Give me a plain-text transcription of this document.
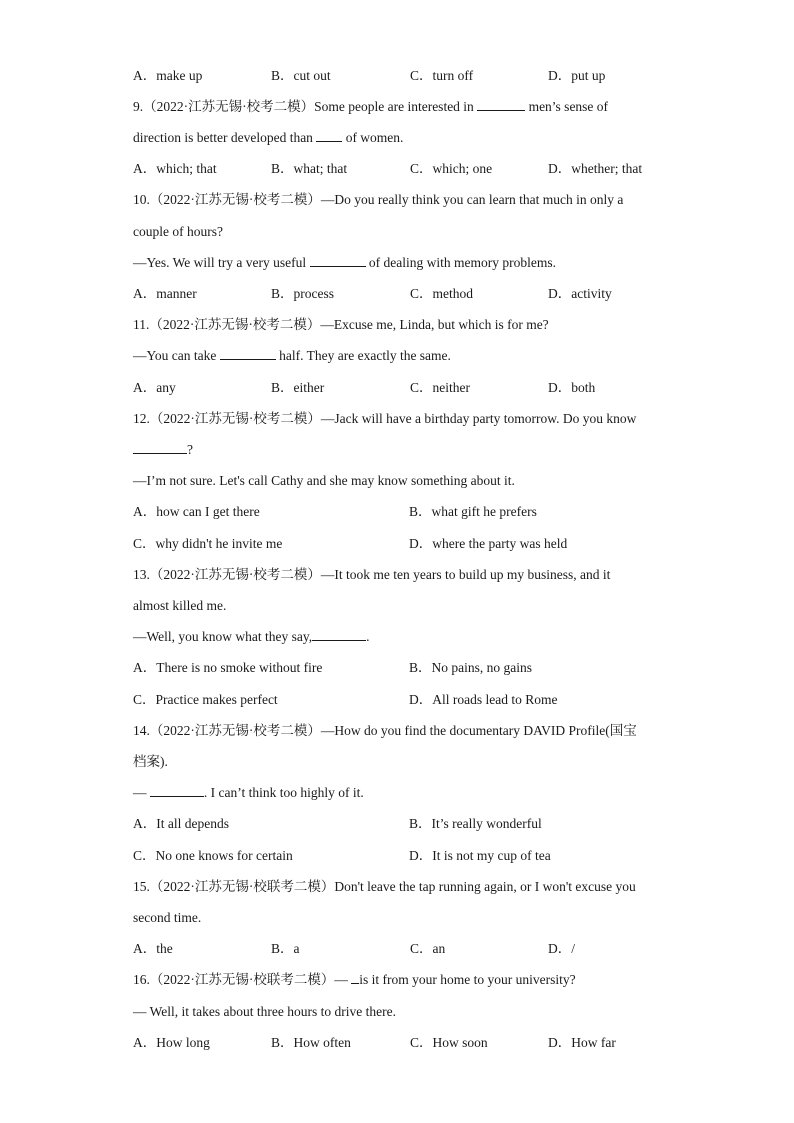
A．make up	B．cut out	C．turn off	D．put up
9.（2022·江苏无锡·校考二模）Some people are interested in	men’s sense of
direction is better developed than  of women.
A．which; that	B．what; that	C．which; one	D．whether; that
10.（2022·江苏无锡·校考二模）—Do you really think you can learn that much in only a
couple of hours?
—Yes. We will try a very useful	of dealing with memory problems.
A．manner	B．process	C．method	D．activity
11.（2022·江苏无锡·校考二模）—Excuse me, Linda, but which is for me?
—You can take	half. They are exactly the same.
A．any	B．either	C．neither	D．both
12.（2022·江苏无锡·校考二模）—Jack will have a birthday party tomorrow. Do you know
?
—I’m not sure. Let's call Cathy and she may know something about it.
A．how can I get there	B．what gift he prefers
C．why didn't he invite me	D．where the party was held
13.（2022·江苏无锡·校考二模）—It took me ten years to build up my business, and it
almost killed me.
—Well, you know what they say,	.
A．There is no smoke without fire	B．No pains, no gains
C．Practice makes perfect	D．All roads lead to Rome
14.（2022·江苏无锡·校考二模）—How do you find the documentary DAVID Profile(国宝
档案).
—	. I can’t think too highly of it.
A．It all depends	B．It’s really wonderful
C．No one knows for certain	D．It is not my cup of tea
15.（2022·江苏无锡·校联考二模）Don't leave the tap running again, or I won't excuse you
second time.
A．the	B．a	C．an	D．/
16.（2022·江苏无锡·校联考二模）— is it from your home to your university?
— Well, it takes about three hours to drive there.
A．How long	B．How often	C．How soon	D．How far
